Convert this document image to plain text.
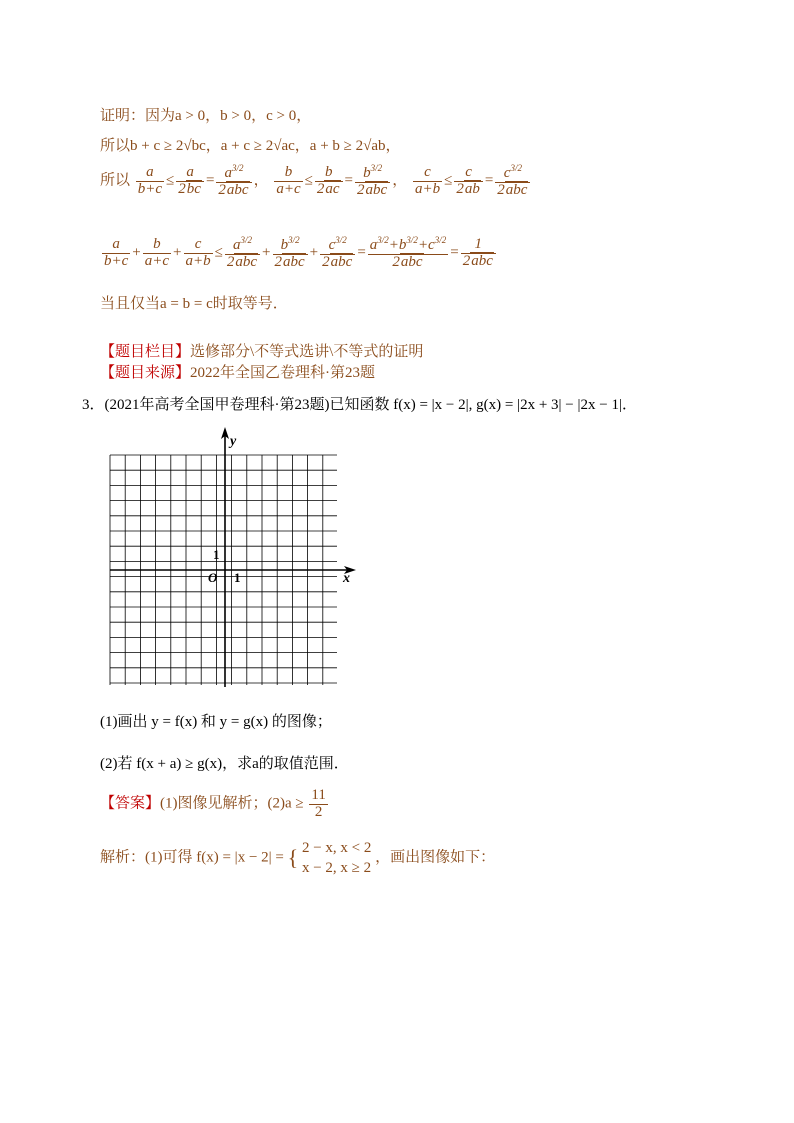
证明：因为a > 0，b > 0，c > 0，
所以b + c ≥ 2√bc，a + c ≥ 2√ac，a + b ≥ 2√ab，
所以 $\frac{a}{b+c} \le \frac{a}{2bc} = \frac{a^{3/2}}{\text{2abc}}$ ， $\frac{b}{a+c} \le \frac{b}{2ac} = \frac{b^{3/2}}{\text{2abc}}$ ， $\frac{c}{a+b} \le \frac{c}{2ab} = \frac{c^{3/2}}{\text{2abc}}$
$\frac{a}{b+c} + \frac{b}{a+c} + \frac{c}{a+b} \le \frac{a^{3/2}}{\text{2abc}} + \frac{b^{3/2}}{\text{2abc}} + \frac{c^{3/2}}{\text{2abc}} = \frac{a^{3/2}+b^{3/2}+c^{3/2}}{\text{2abc}} = \frac{1}{\text{2abc}}$
当且仅当a = b = c时取等号．
【题目栏目】选修部分\不等式选讲\不等式的证明
【题目来源】2022年全国乙卷理科·第23题
3．(2021年高考全国甲卷理科·第23题)已知函数 f(x) = |x − 2|, g(x) = |2x + 3| − |2x − 1|．
y
x
O 1
1
(1)画出 y = f(x) 和 y = g(x) 的图像；
(2)若 f(x + a) ≥ g(x)，求a的取值范围．
【答案】(1)图像见解析；$(2)a \ge \frac{11}{2}$
解析：(1)可得 f(x) = |x − 2| = { 2 − x, x < 2
x − 2, x ≥ 2
，画出图像如下：
